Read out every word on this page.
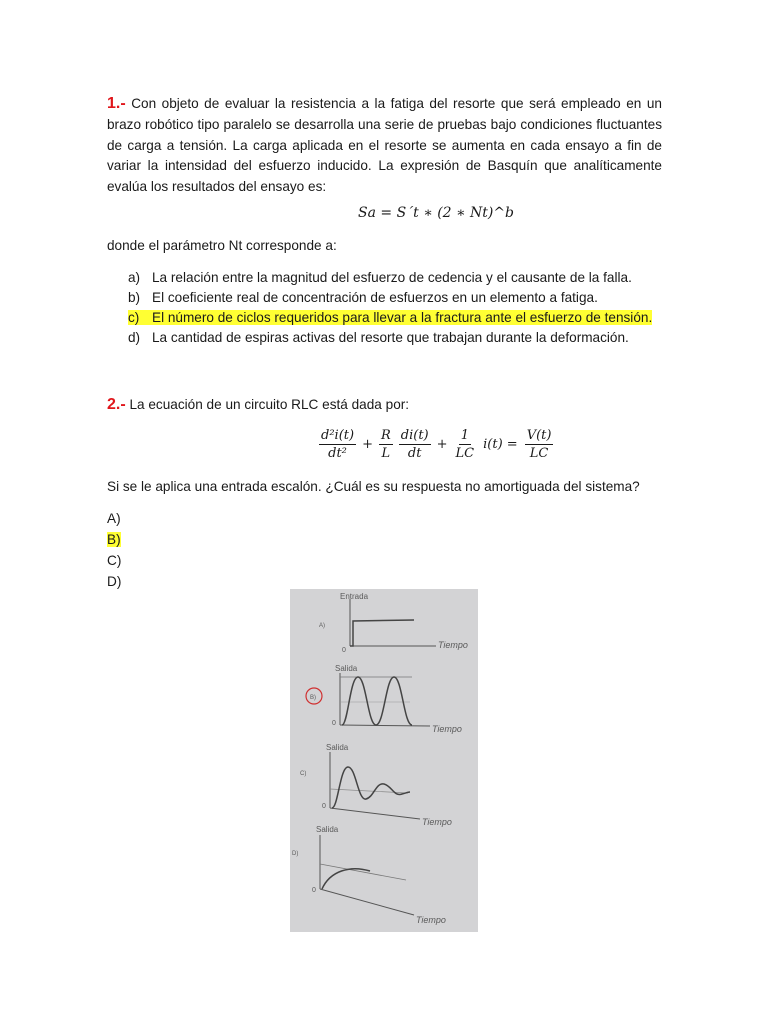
1.- Con objeto de evaluar la resistencia a la fatiga del resorte que será empleado en un brazo robótico tipo paralelo se desarrolla una serie de pruebas bajo condiciones fluctuantes de carga a tensión. La carga aplicada en el resorte se aumenta en cada ensayo a fin de variar la intensidad del esfuerzo inducido. La expresión de Basquín que analíticamente evalúa los resultados del ensayo es:

Sa = S´t ∗ (2 ∗ Nt)^b

donde el parámetro Nt corresponde a:

a) La relación entre la magnitud del esfuerzo de cedencia y el causante de la falla.
b) El coeficiente real de concentración de esfuerzos en un elemento a fatiga.
c) El número de ciclos requeridos para llevar a la fractura ante el esfuerzo de tensión.
d) La cantidad de espiras activas del resorte que trabajan durante la deformación.

2.- La ecuación de un circuito RLC está dada por:

$\frac{\text{d²i(t)}}{\text{dt²}} + \frac{R}{L} \frac{di(t)}{dt} + \frac{1}{LC} i(t) = \frac{V(t)}{LC}$

Si se le aplica una entrada escalón. ¿Cuál es su respuesta no amortiguada del sistema?

A)
B)
C)
D)
Entrada
A)
0
Tiempo
Salida
B)
0
Tiempo
Salida
C)
0
Tiempo
Salida
D)
0
Tiempo
